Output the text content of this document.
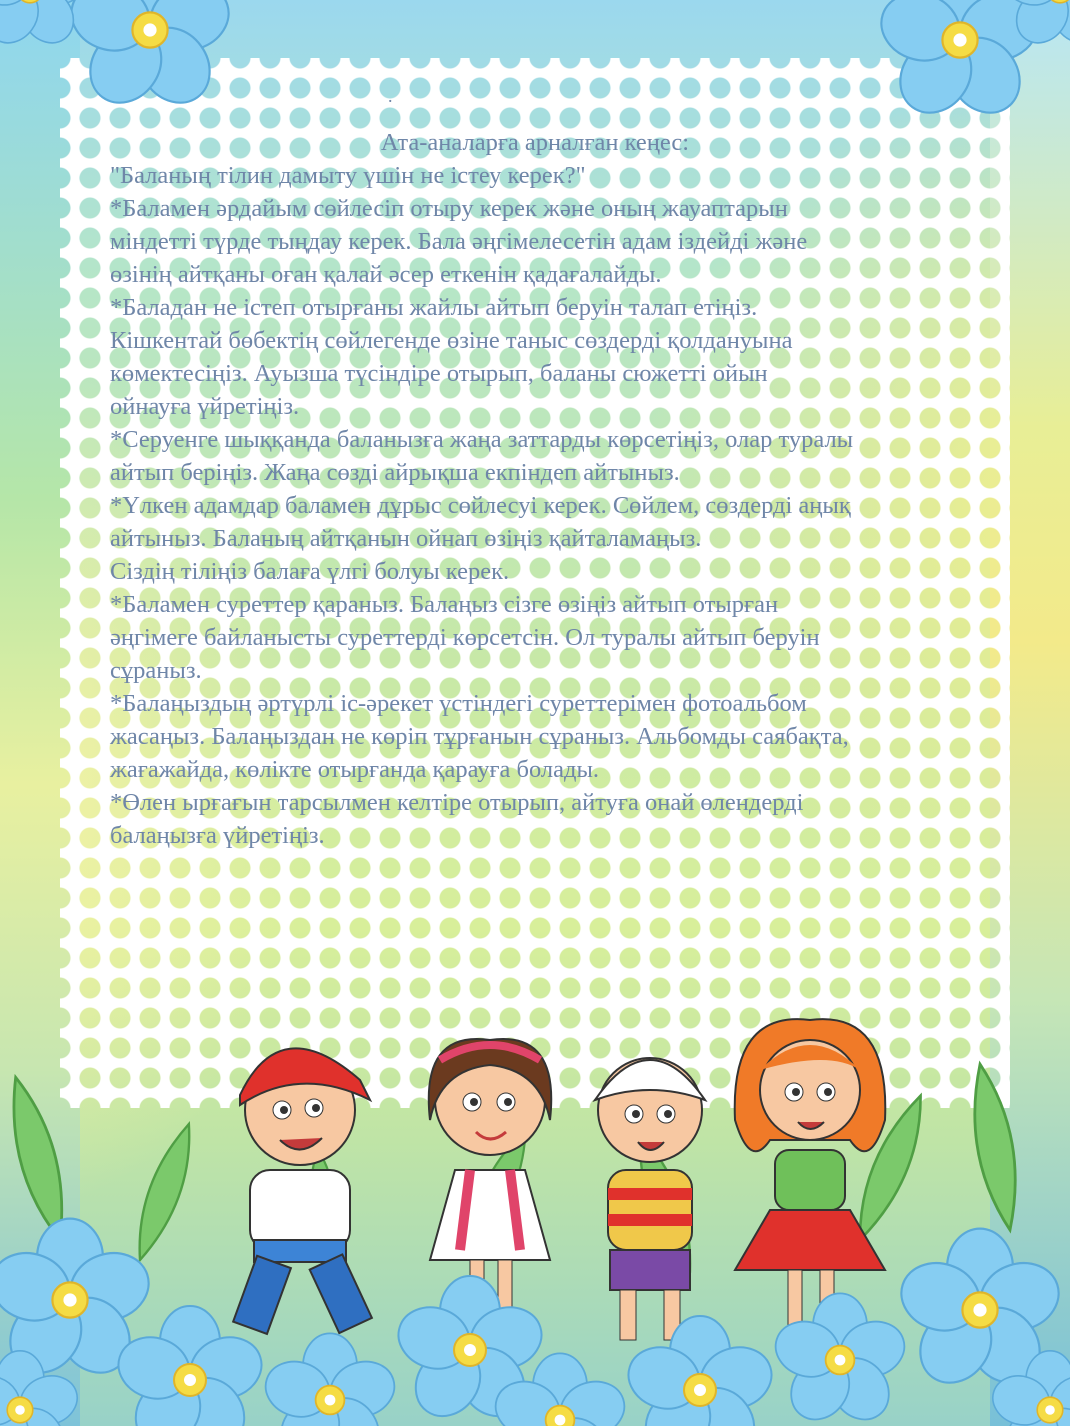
.
Ата-аналарға арналған кеңес:
"Баланың тілин дамыту үшін не істеу керек?"

*Баламен әрдайым сөйлесіп отыру керек және оның жауаптарын
міндетті түрде тыңдау керек. Бала әңгімелесетін адам іздейді және
өзінің айтқаны оған қалай әсер еткенін қадағалайды.

*Баладан не істеп отырғаны жайлы айтып беруін талап етіңіз.
Кішкентай бөбектің сөйлегенде өзіне таныс сөздерді қолдануына
көмектесіңіз. Ауызша түсіндіре отырып, баланы сюжетті ойын
ойнауға үйретіңіз.

*Серуенге шыққанда баланызға жаңа заттарды көрсетіңіз, олар туралы
айтып беріңіз. Жаңа сөзді айрықша екпіндеп айтыныз.

*Үлкен адамдар баламен дұрыс сөйлесуі керек. Сөйлем, сөздерді аңық
айтыныз. Баланың айтқанын ойнап өзіңіз қайталамаңыз.
Сіздің тіліңіз балаға үлгі болуы керек.

*Баламен суреттер қараныз. Балаңыз сізге өзіңіз айтып отырған
әңгімеге байланысты суреттерді көрсетсін. Ол туралы айтып беруін
сұраныз.

*Балаңыздың әртүрлі іс-әрекет үстіндегі суреттерімен фотоальбом
жасаңыз. Балаңыздан не көріп тұрғанын сұраныз. Альбомды саябақта,
жағажайда, көлікте отырғанда қарауға болады.

*Өлен ырғағын тарсылмен келтіре отырып, айтуға онай өлендерді
балаңызға үйретіңіз.
